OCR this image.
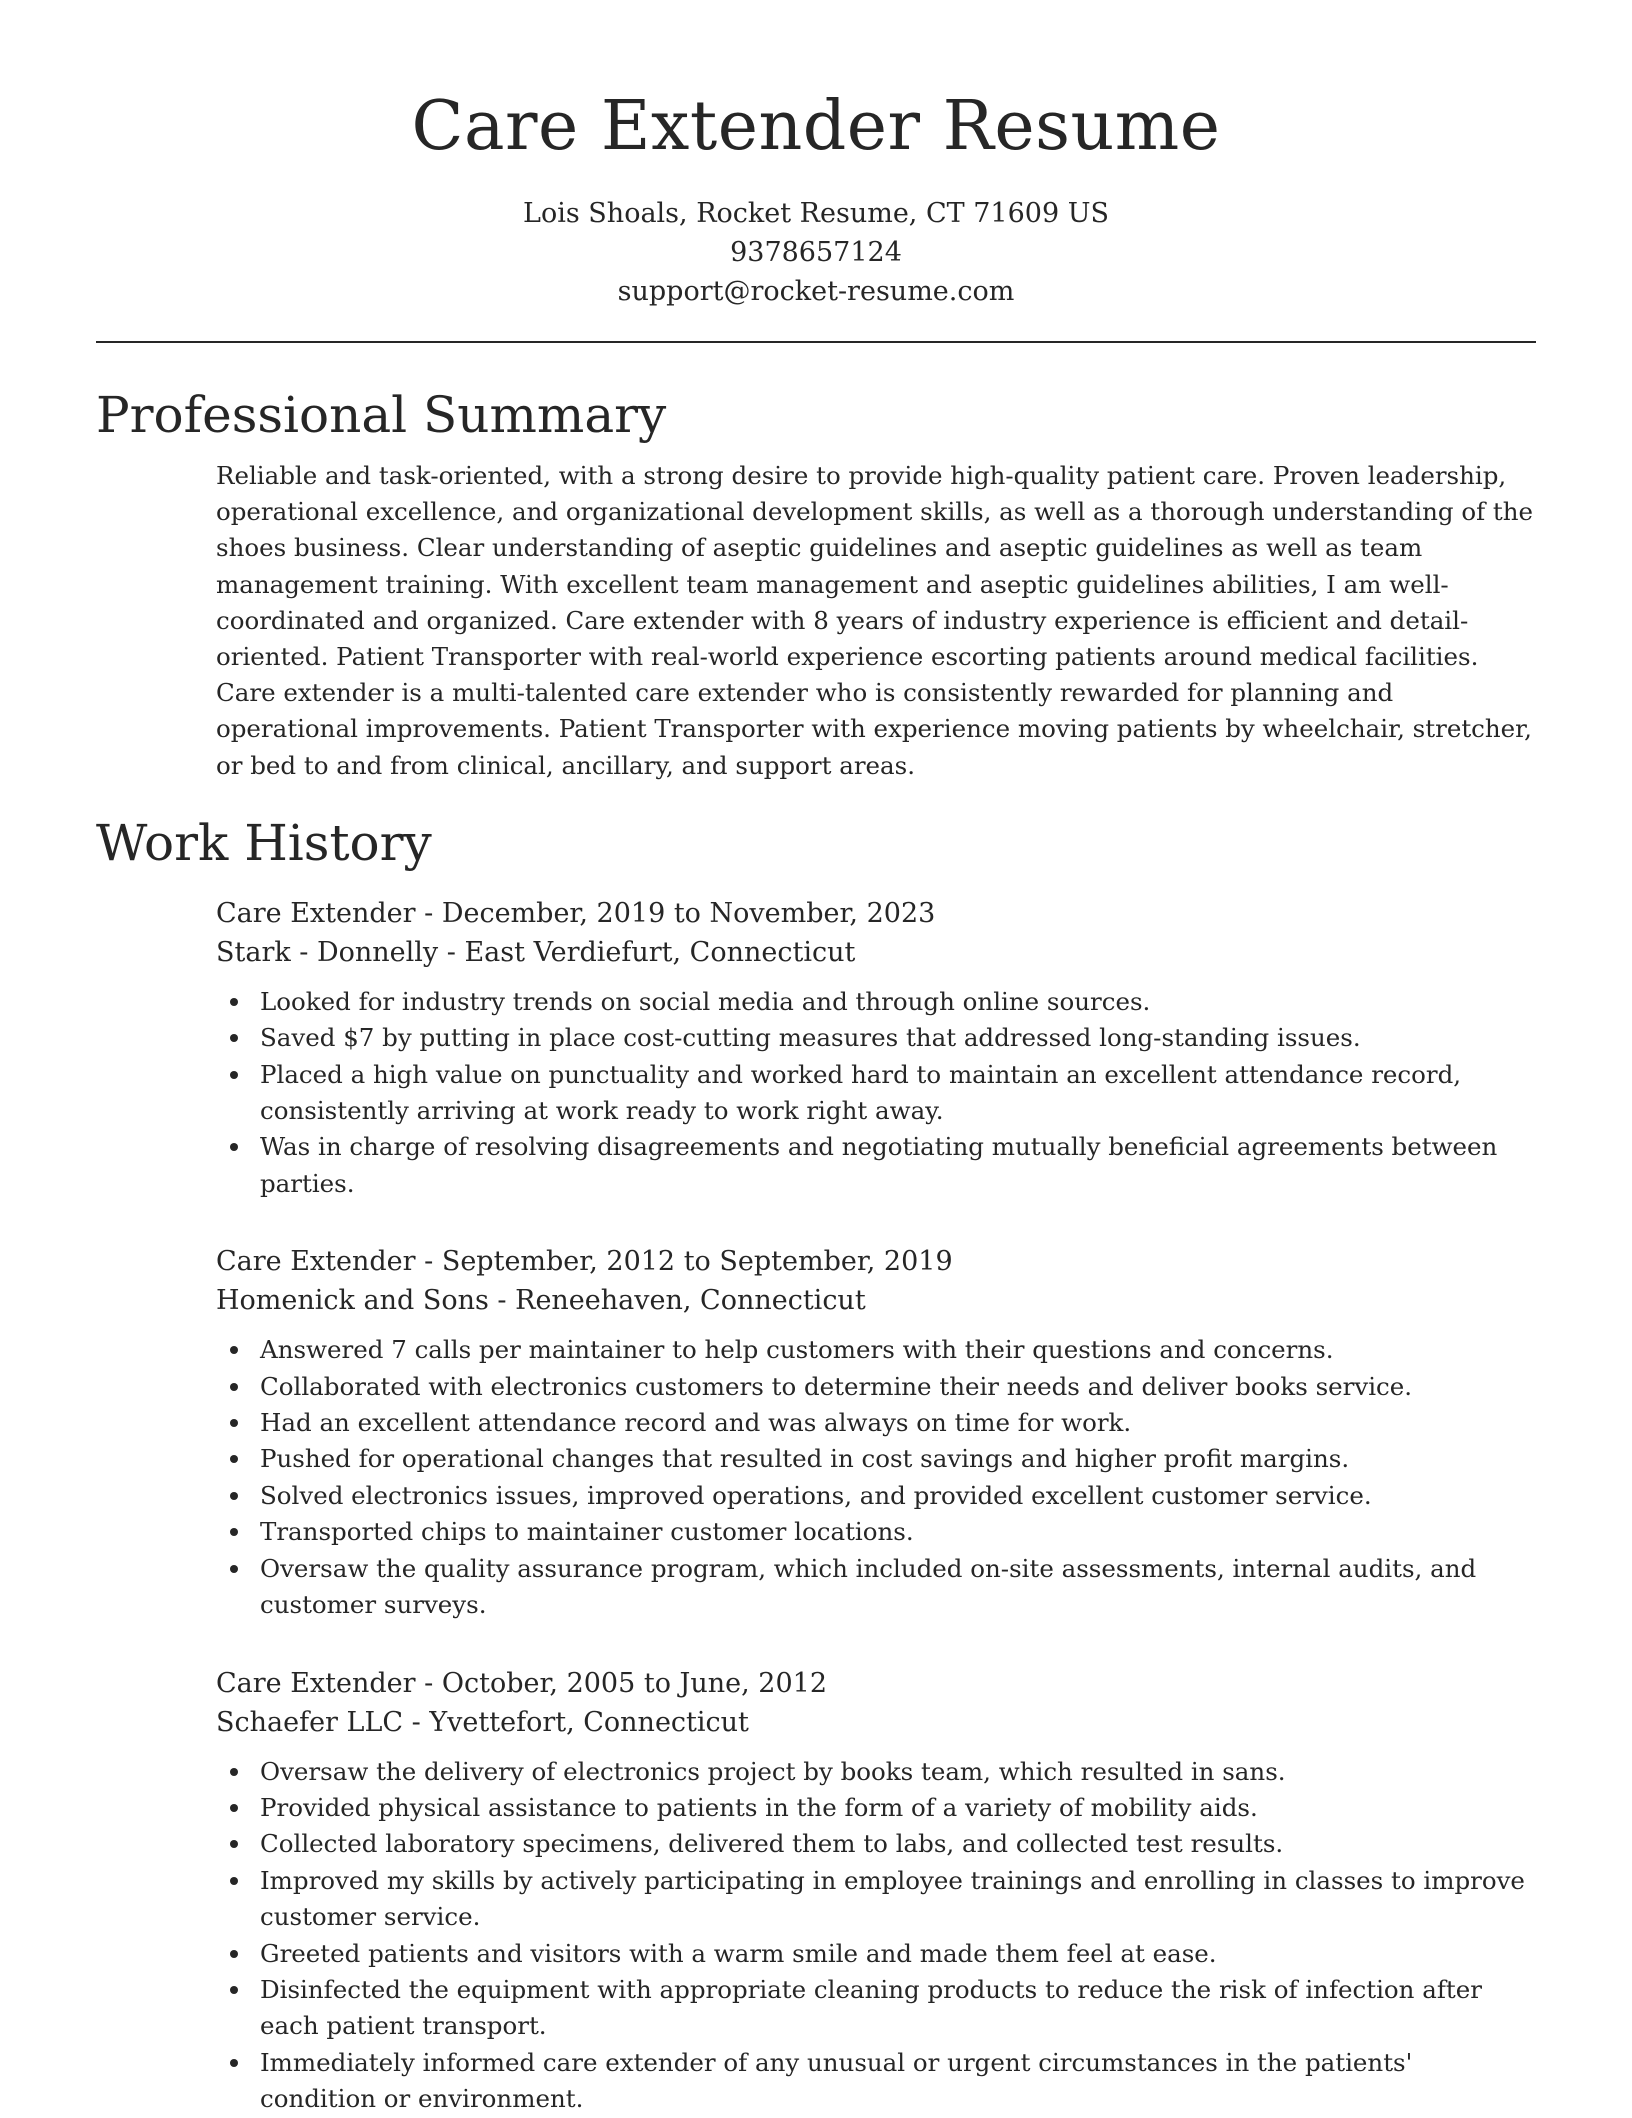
Care Extender Resume
Lois Shoals, Rocket Resume, CT 71609 US
9378657124
support@rocket-resume.com
Professional Summary

Reliable and task-oriented, with a strong desire to provide high-quality patient care. Proven leadership, operational excellence, and organizational development skills, as well as a thorough understanding of the shoes business. Clear understanding of aseptic guidelines and aseptic guidelines as well as team management training. With excellent team management and aseptic guidelines abilities, I am well-coordinated and organized. Care extender with 8 years of industry experience is efficient and detail-oriented. Patient Transporter with real-world experience escorting patients around medical facilities. Care extender is a multi-talented care extender who is consistently rewarded for planning and operational improvements. Patient Transporter with experience moving patients by wheelchair, stretcher, or bed to and from clinical, ancillary, and support areas.

Work History
Care Extender - December, 2019 to November, 2023
Stark - Donnelly - East Verdiefurt, Connecticut
Looked for industry trends on social media and through online sources.
Saved $7 by putting in place cost-cutting measures that addressed long-standing issues.
Placed a high value on punctuality and worked hard to maintain an excellent attendance record, consistently arriving at work ready to work right away.
Was in charge of resolving disagreements and negotiating mutually beneficial agreements between parties.
Care Extender - September, 2012 to September, 2019
Homenick and Sons - Reneehaven, Connecticut
Answered 7 calls per maintainer to help customers with their questions and concerns.
Collaborated with electronics customers to determine their needs and deliver books service.
Had an excellent attendance record and was always on time for work.
Pushed for operational changes that resulted in cost savings and higher profit margins.
Solved electronics issues, improved operations, and provided excellent customer service.
Transported chips to maintainer customer locations.
Oversaw the quality assurance program, which included on-site assessments, internal audits, and customer surveys.
Care Extender - October, 2005 to June, 2012
Schaefer LLC - Yvettefort, Connecticut
Oversaw the delivery of electronics project by books team, which resulted in sans.
Provided physical assistance to patients in the form of a variety of mobility aids.
Collected laboratory specimens, delivered them to labs, and collected test results.
Improved my skills by actively participating in employee trainings and enrolling in classes to improve customer service.
Greeted patients and visitors with a warm smile and made them feel at ease.
Disinfected the equipment with appropriate cleaning products to reduce the risk of infection after each patient transport.
Immediately informed care extender of any unusual or urgent circumstances in the patients' condition or environment.
